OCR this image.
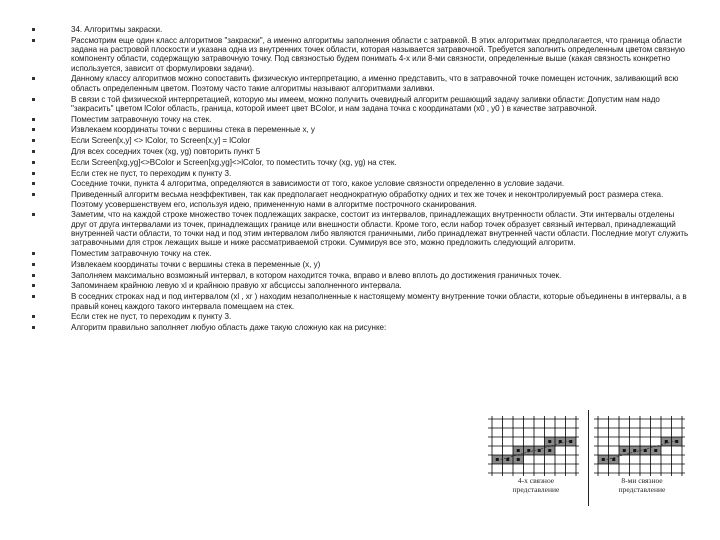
34. Алгоритмы закраски.
Рассмотрим еще один класс алгоритмов "закраски", а именно алгоритмы заполнения области с затравкой. В этих алгоритмах предполагается, что граница области задана на растровой плоскости и указана одна из внутренних точек области, которая называется затравочной. Требуется заполнить определенным цветом связную компоненту области, содержащую затравочную точку. Под связностью будем понимать 4-х или 8-ми связности, определенные выше (какая связность конкретно используется, зависит от формулировки задачи).
Данному классу алгоритмов можно сопоставить физическую интерпретацию, а именно представить, что в затравочной точке помещен источник, заливающий всю область определенным цветом. Поэтому часто такие алгоритмы называют алгоритмами заливки.
В связи с той физической интерпретацией, которую мы имеем, можно получить очевидный алгоритм решающий задачу заливки области: Допустим нам надо "закрасить" цветом lColor область, граница, которой имеет цвет BColor, и нам задана точка с координатами (x0 , y0 ) в качестве затравочной.
Поместим затравочную точку на стек.
Извлекаем координаты точки с вершины стека в переменные x, y
Если Screen[x,y] <> lColor, то Screen[x,y] = lColor
Для всех соседних точек (xg, yg) повторить пункт 5
Если Screen[xg,yg]<>BColor и Screen[xg,yg]<>lColor, то поместить точку (xg, yg) на стек.
Если стек не пуст, то переходим к пункту 3.
Соседние точки, пункта 4 алгоритма, определяются в зависимости от того, какое условие связности определенно в условие задачи.
Приведенный алгоритм весьма неэффективен, так как предполагает неоднократную обработку одних и тех же точек и неконтролируемый рост размера стека. Поэтому усовершенствуем его, используя идею, примененную нами в алгоритме построчного сканирования.
Заметим, что на каждой строке множество точек подлежащих закраске, состоит из интервалов, принадлежащих внутренности области. Эти интервалы отделены друг от друга интервалами из точек, принадлежащих границе или внешности области. Кроме того, если набор точек образует связный интервал, принадлежащий внутренней части области, то точки над и под этим интервалом либо являются граничными, либо принадлежат внутренней части области. Последние могут служить затравочными для строк лежащих выше и ниже рассматриваемой строки. Суммируя все это, можно предложить следующий алгоритм.
Поместим затравочную точку на стек.
Извлекаем координаты точки с вершины стека в переменные (x, y)
Заполняем максимально возможный интервал, в котором находится точка, вправо и влево вплоть до достижения граничных точек.
Запоминаем крайнюю левую xl и крайнюю правую xr абсциссы заполненного интервала.
В соседних строках над и под интервалом (xl , xr ) находим незаполненные к настоящему моменту внутренние точки области, которые объединены в интервалы, а в правый конец каждого такого интервала помещаем на стек.
Если стек не пуст, то переходим к пункту 3.
Алгоритм правильно заполняет любую область даже такую сложную как на рисунке:
4-х связное
представление
8-ми связное
представление
